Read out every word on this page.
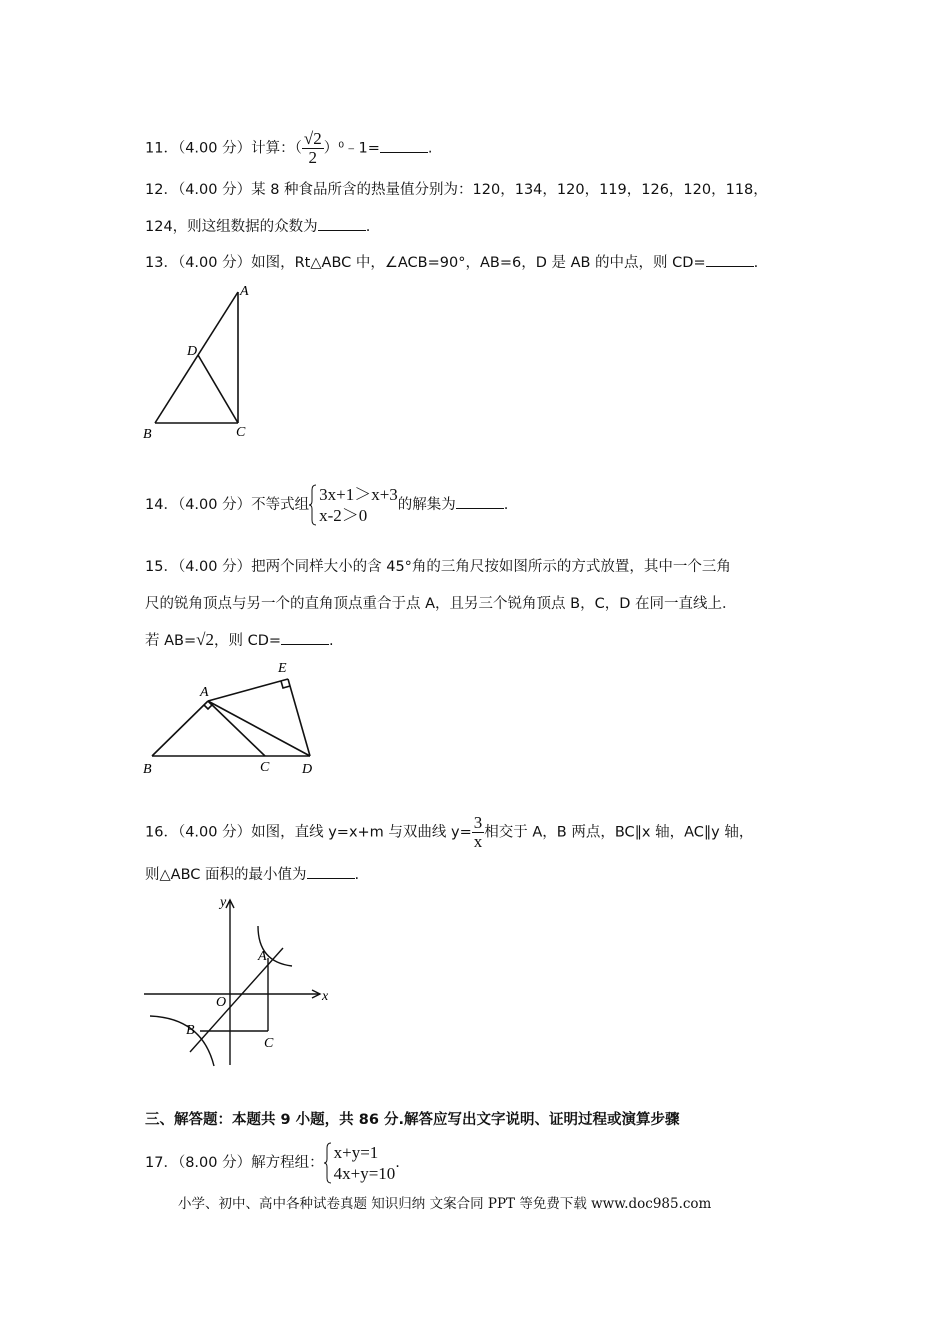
11．（4.00 分）计算：（ $\frac{√2}{2}$ ）⁰﹣1=	.
12．（4.00 分）某 8 种食品所含的热量值分别为：120，134，120，119，126，120，118，
124，则这组数据的众数为	.
13．（4.00 分）如图，Rt△ABC 中，∠ACB=90°，AB=6，D 是 AB 的中点，则 CD=	.
A
D
B	C
14．（4.00 分）不等式组
3x+1＞x+3
x-2＞0
的解集为	.
15．（4.00 分）把两个同样大小的含 45°角的三角尺按如图所示的方式放置，其中一个三角
尺的锐角顶点与另一个的直角顶点重合于点 A，且另三个锐角顶点 B，C，D 在同一直线上．
若 AB=√2，则 CD=	.
A
E
B	C D
16．（4.00 分）如图，直线 y=x+m 与双曲线 $y= \frac{3}{x}$ 相交于 A，B 两点，BC∥x 轴，AC∥y 轴，
则△ABC 面积的最小值为	.
y
x
O
A
B
C
三、解答题：本题共 9 小题，共 86 分.解答应写出文字说明、证明过程或演算步骤
17．（8.00 分）解方程组：
x+y=1
4x+y=10
.
小学、初中、高中各种试卷真题 知识归纳 文案合同 PPT 等免费下载 www.doc985.com
